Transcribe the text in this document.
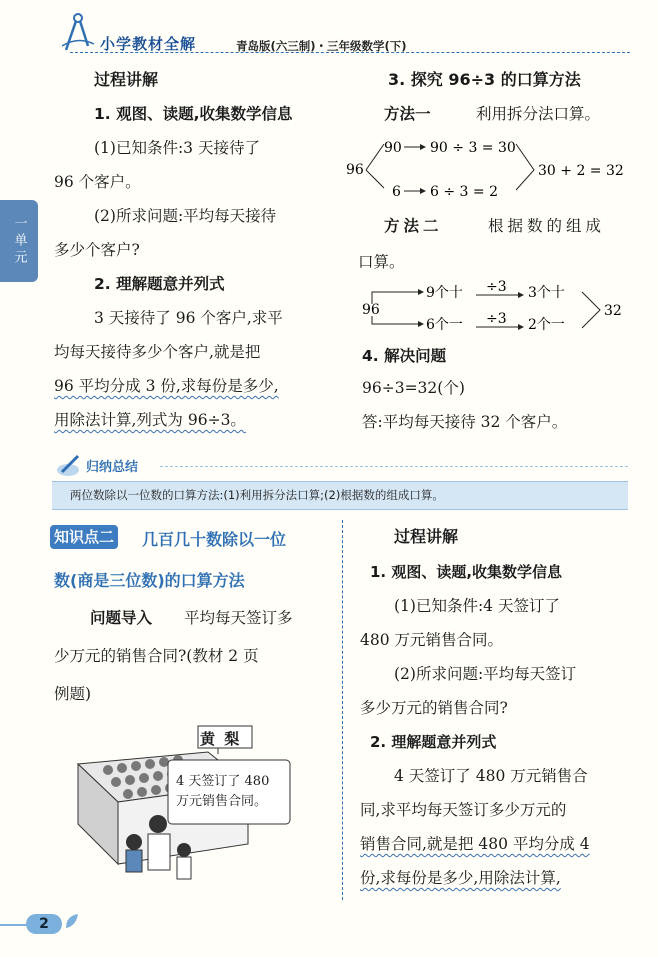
小学教材全解	青岛版(六三制)・三年级数学(下)
一单元
过程讲解
1. 观图、读题,收集数学信息
(1)已知条件:3 天接待了
96 个客户。
(2)所求问题:平均每天接待
多少个客户?
2. 理解题意并列式
3 天接待了 96 个客户,求平
均每天接待多少个客户,就是把
96 平均分成 3 份,求每份是多少,
用除法计算,列式为 96÷3。
3. 探究 96÷3 的口算方法
方法一	利用拆分法口算。
96
90 90 ÷ 3 = 30
6 6 ÷ 3 = 2
30 + 2 = 32
方法二	根据数的组成
口算。
96
9个十 ÷3 3个十
6个一 ÷3 2个一
32
4. 解决问题
96÷3=32(个)
答:平均每天接待 32 个客户。
归纳总结
两位数除以一位数的口算方法:(1)利用拆分法口算;(2)根据数的组成口算。
知识点二 几百几十数除以一位
数(商是三位数)的口算方法
问题导入 平均每天签订多
少万元的销售合同?(教材 2 页
例题)
黄 梨
4 天签订了 480
万元销售合同。
过程讲解
1. 观图、读题,收集数学信息
(1)已知条件:4 天签订了
480 万元销售合同。
(2)所求问题:平均每天签订
多少万元的销售合同?
2. 理解题意并列式
4 天签订了 480 万元销售合
同,求平均每天签订多少万元的
销售合同,就是把 480 平均分成 4
份,求每份是多少,用除法计算,
2
